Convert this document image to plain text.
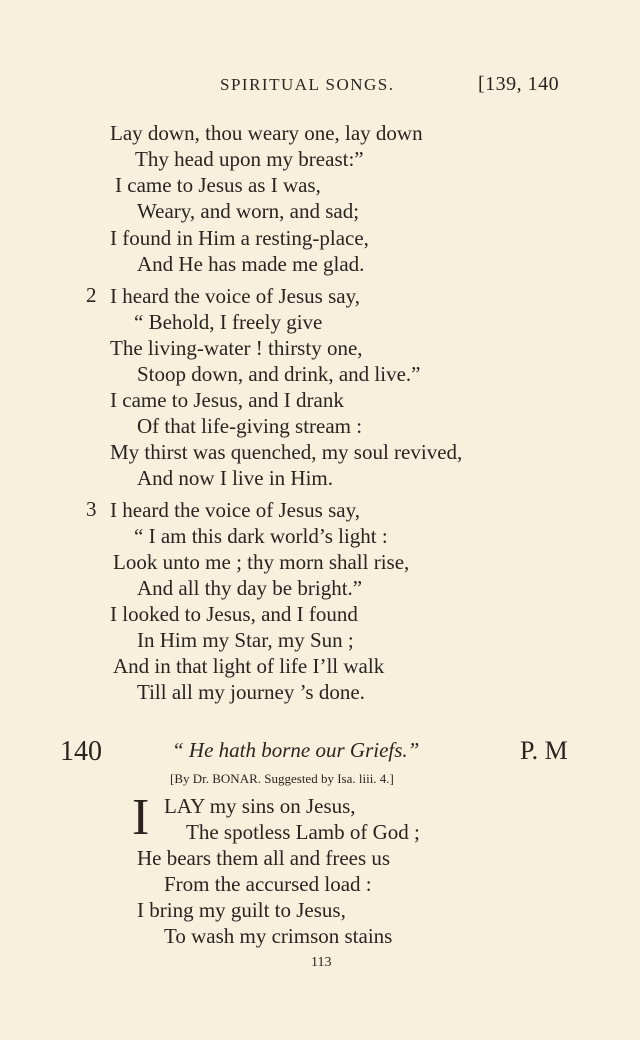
SPIRITUAL SONGS.	[139, 140
Lay down, thou weary one, lay down
Thy head upon my breast:”
I came to Jesus as I was,
Weary, and worn, and sad;
I found in Him a resting-place,
And He has made me glad.
2 I heard the voice of Jesus say,
“ Behold, I freely give
The living-water ! thirsty one,
Stoop down, and drink, and live.”
I came to Jesus, and I drank
Of that life-giving stream :
My thirst was quenched, my soul revived,
And now I live in Him.
3 I heard the voice of Jesus say,
“ I am this dark world’s light :
Look unto me ; thy morn shall rise,
And all thy day be bright.”
I looked to Jesus, and I found
In Him my Star, my Sun ;
And in that light of life I’ll walk
Till all my journey ’s done.
140	“ He hath borne our Griefs.”	P. M
[By Dr. BONAR. Suggested by Isa. liii. 4.]
I LAY my sins on Jesus,
The spotless Lamb of God ;
He bears them all and frees us
From the accursed load :
I bring my guilt to Jesus,
To wash my crimson stains
113
